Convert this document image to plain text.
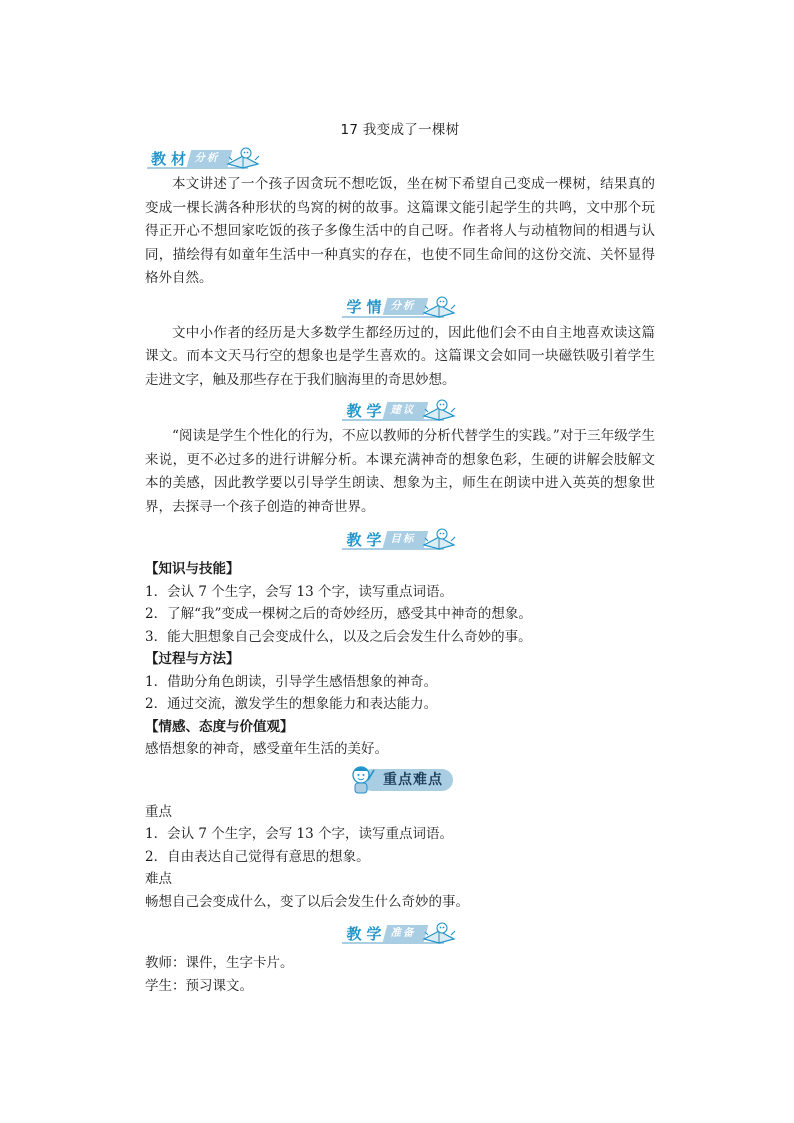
17 我变成了一棵树
教材 分析

本文讲述了一个孩子因贪玩不想吃饭，坐在树下希望自己变成一棵树，结果真的变成一棵长满各种形状的鸟窝的树的故事。这篇课文能引起学生的共鸣，文中那个玩得正开心不想回家吃饭的孩子多像生活中的自己呀。作者将人与动植物间的相遇与认同，描绘得有如童年生活中一种真实的存在，也使不同生命间的这份交流、关怀显得格外自然。

学情 分析

文中小作者的经历是大多数学生都经历过的，因此他们会不由自主地喜欢读这篇课文。而本文天马行空的想象也是学生喜欢的。这篇课文会如同一块磁铁吸引着学生走进文字，触及那些存在于我们脑海里的奇思妙想。

教学 建议

“阅读是学生个性化的行为，不应以教师的分析代替学生的实践。”对于三年级学生来说，更不必过多的进行讲解分析。本课充满神奇的想象色彩，生硬的讲解会肢解文本的美感，因此教学要以引导学生朗读、想象为主，师生在朗读中进入英英的想象世界，去探寻一个孩子创造的神奇世界。

教学 目标

【知识与技能】

1．会认 7 个生字，会写 13 个字，读写重点词语。

2．了解“我”变成一棵树之后的奇妙经历，感受其中神奇的想象。

3．能大胆想象自己会变成什么，以及之后会发生什么奇妙的事。

【过程与方法】

1．借助分角色朗读，引导学生感悟想象的神奇。

2．通过交流，激发学生的想象能力和表达能力。

【情感、态度与价值观】

感悟想象的神奇，感受童年生活的美好。

重点难点

重点

1．会认 7 个生字，会写 13 个字，读写重点词语。

2．自由表达自己觉得有意思的想象。

难点

畅想自己会变成什么，变了以后会发生什么奇妙的事。

教学 准备

教师：课件，生字卡片。

学生：预习课文。
